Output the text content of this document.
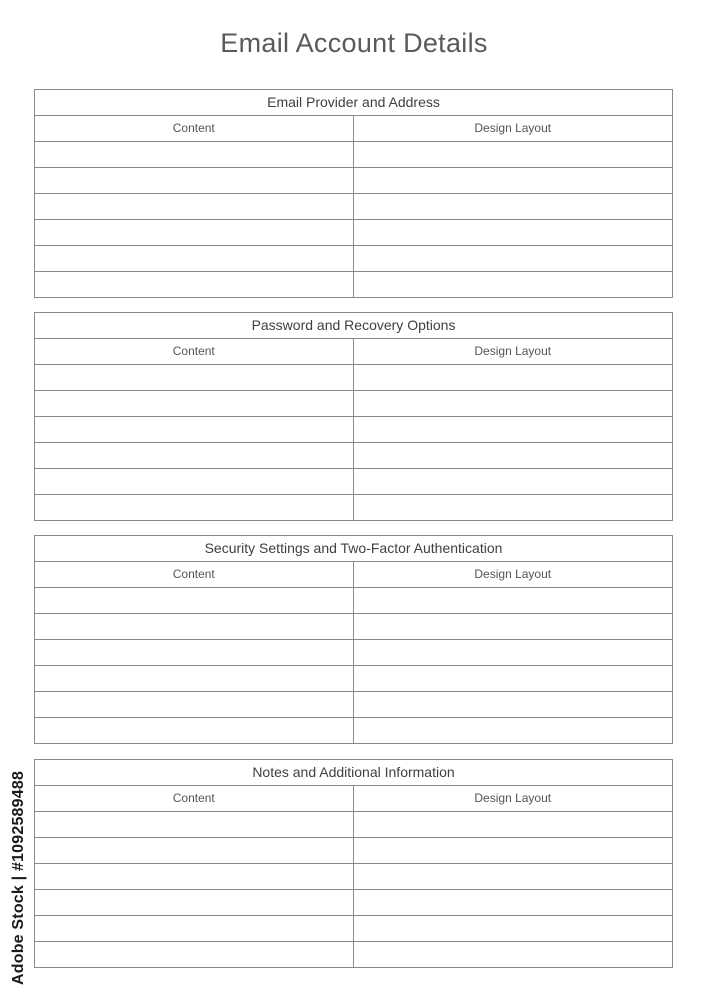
Email Account Details
Email Provider and Address
Content	Design Layout
Password and Recovery Options
Content	Design Layout
Security Settings and Two-Factor Authentication
Content	Design Layout
Notes and Additional Information
Content	Design Layout
Adobe Stock | #1092589488
